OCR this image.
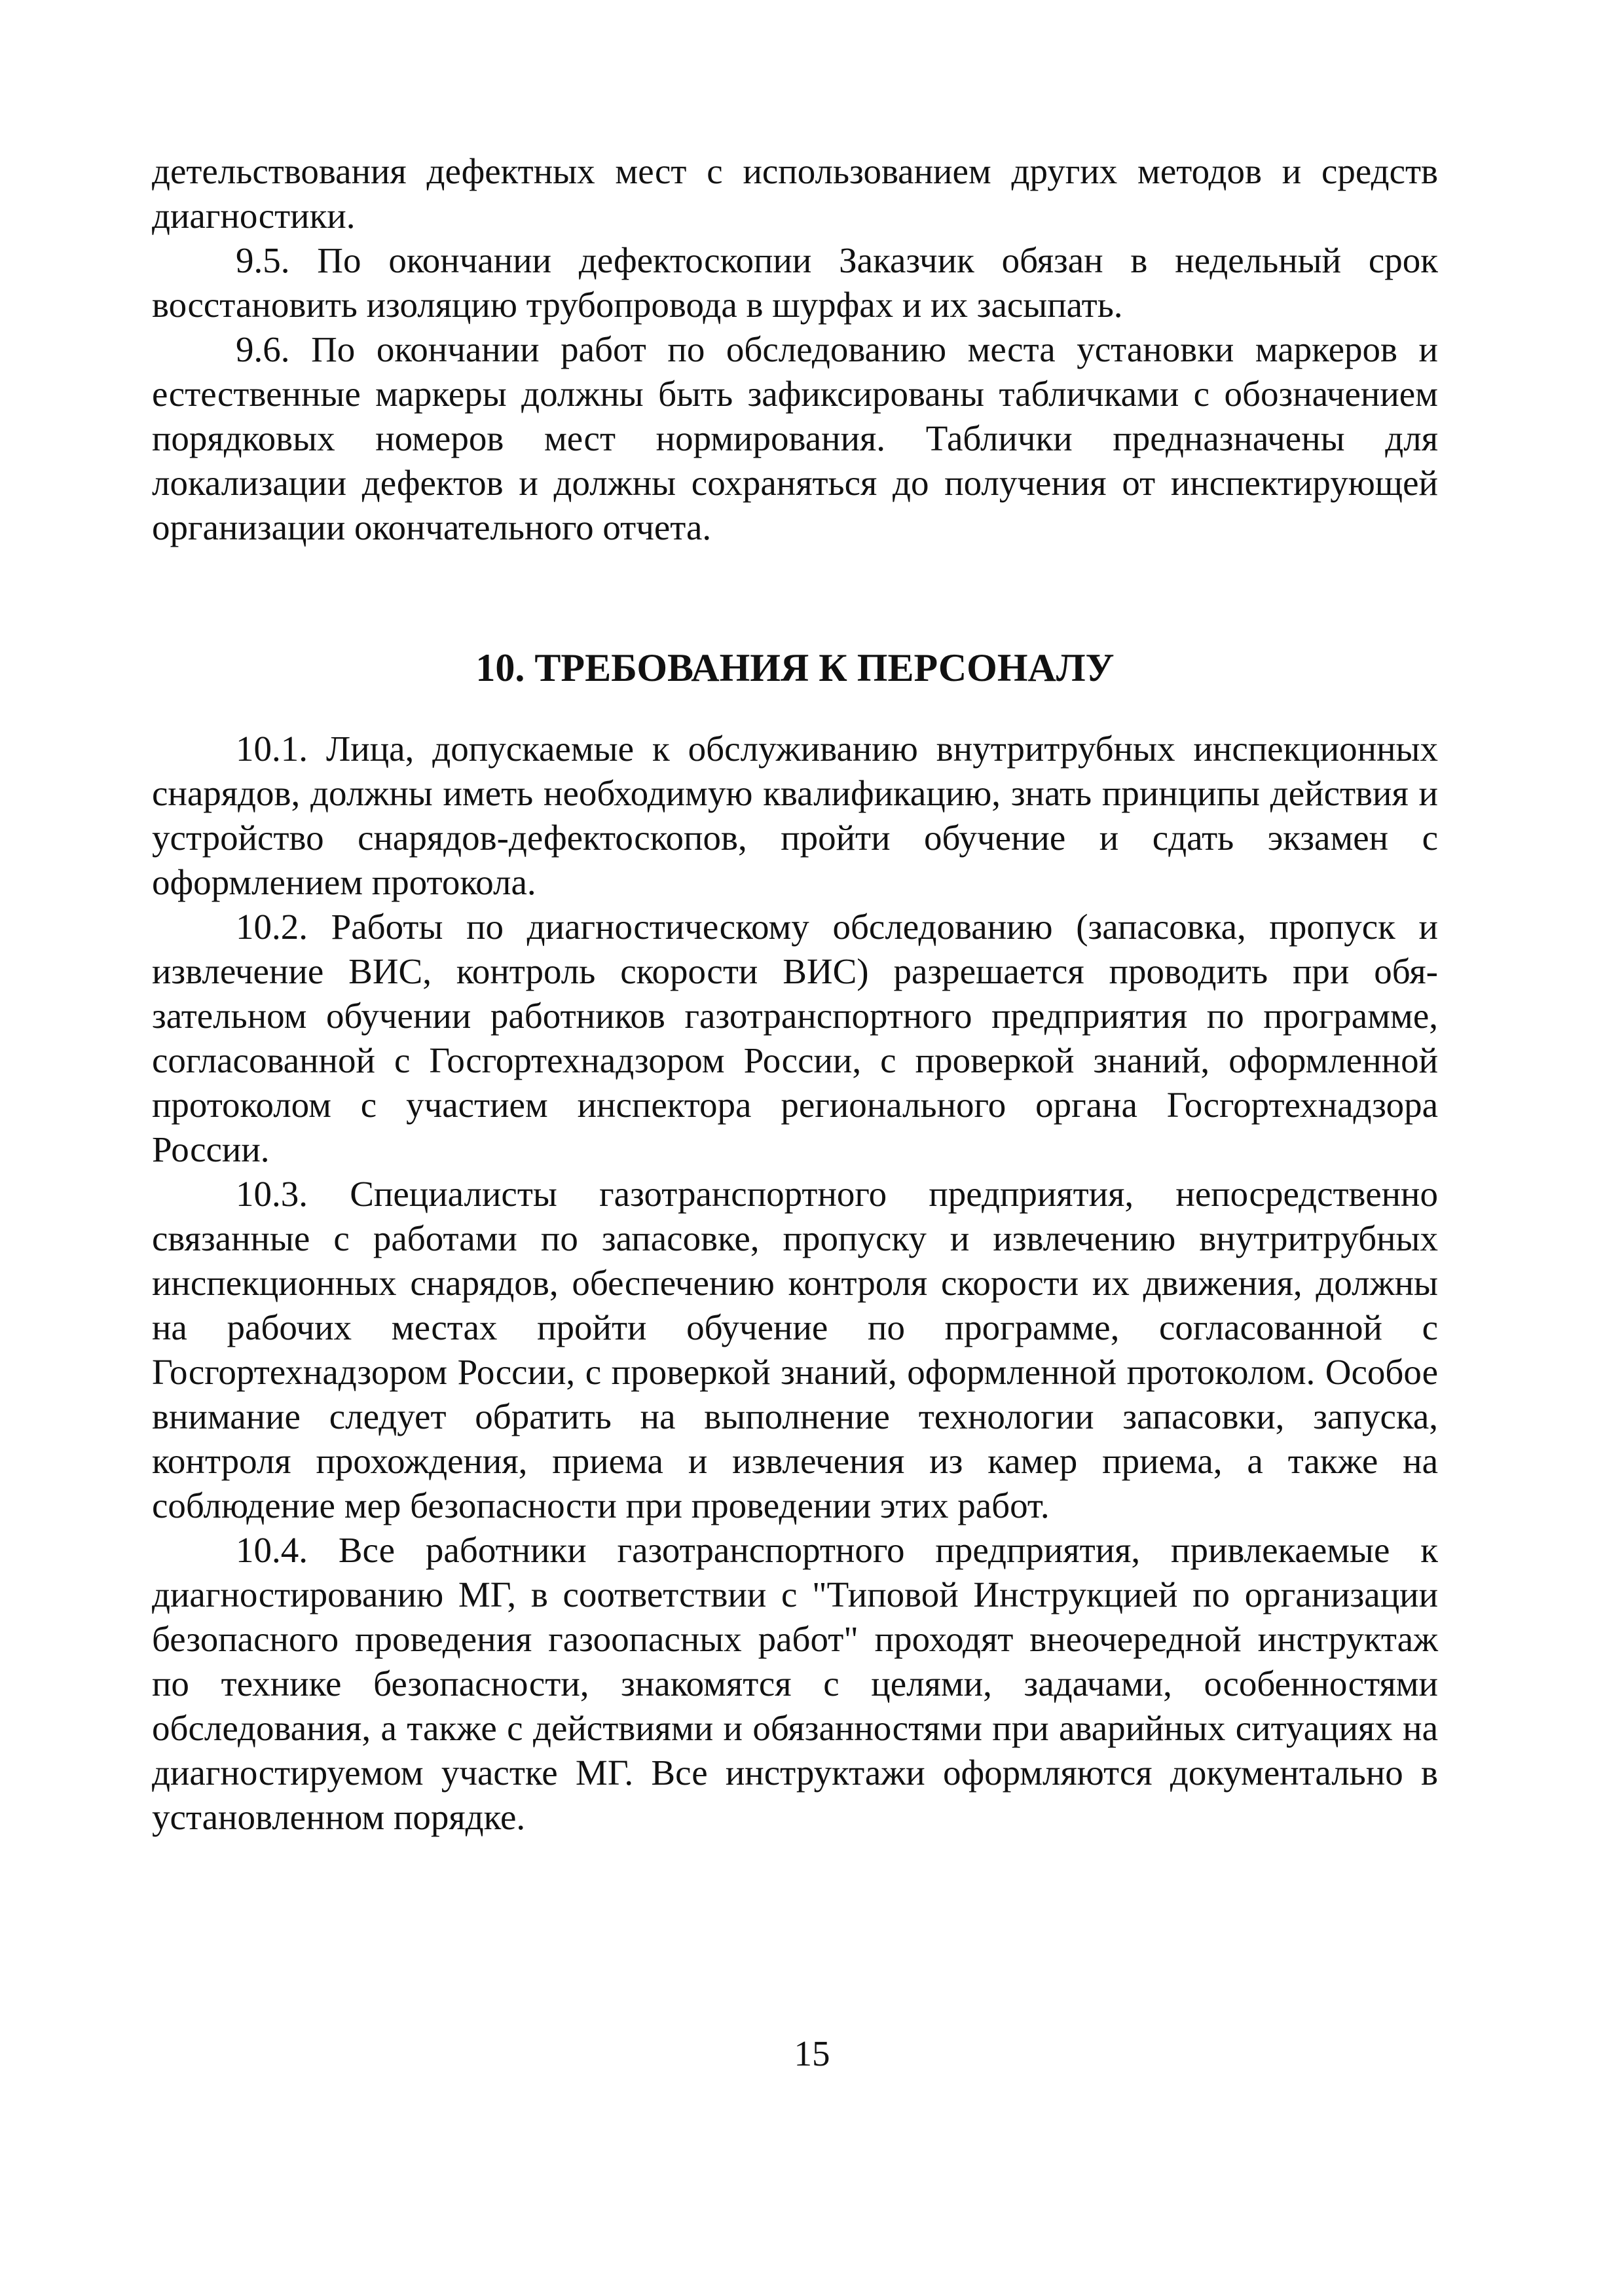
детельствования дефектных мест с использованием других методов и средств диагностики.

9.5. По окончании дефектоскопии Заказчик обязан в недельный срок восстановить изоляцию трубопровода в шурфах и их засыпать.

9.6. По окончании работ по обследованию места установки маркеров и естественные маркеры должны быть зафиксированы табличками с обозначением порядковых номеров мест нормирования. Таблички предназначены для локализации дефектов и должны сохраняться до получения от инспектирующей организации окончательного отчета.

10. ТРЕБОВАНИЯ К ПЕРСОНАЛУ

10.1. Лица, допускаемые к обслуживанию внутритрубных инспекционных снарядов, должны иметь необходимую квалификацию, знать принципы действия и устройство снарядов-дефектоскопов, пройти обучение и сдать экзамен с оформлением протокола.

10.2. Работы по диагностическому обследованию (запасовка, пропуск и извлечение ВИС, контроль скорости ВИС) разрешается проводить при обязательном обучении работников газотранспортного предприятия по программе, согласованной с Госгортехнадзором России, с проверкой знаний, оформленной протоколом с участием инспектора регионального органа Госгортехнадзора России.

10.3. Специалисты газотранспортного предприятия, непосредственно связанные с работами по запасовке, пропуску и извлечению внутритрубных инспекционных снарядов, обеспечению контроля скорости их движения, должны на рабочих местах пройти обучение по программе, согласованной с Госгортехнадзором России, с проверкой знаний, оформленной протоколом. Особое внимание следует обратить на выполнение технологии запасовки, запуска, контроля прохождения, приема и извлечения из камер приема, а также на соблюдение мер безопасности при проведении этих работ.

10.4. Все работники газотранспортного предприятия, привлекаемые к диагностированию МГ, в соответствии с "Типовой Инструкцией по организации безопасного проведения газоопасных работ" проходят внеочередной инструктаж по технике безопасности, знакомятся с целями, задачами, особенностями обследования, а также с действиями и обязанностями при аварийных ситуациях на диагностируемом участке МГ. Все инструктажи оформляются документально в установленном порядке.

15
